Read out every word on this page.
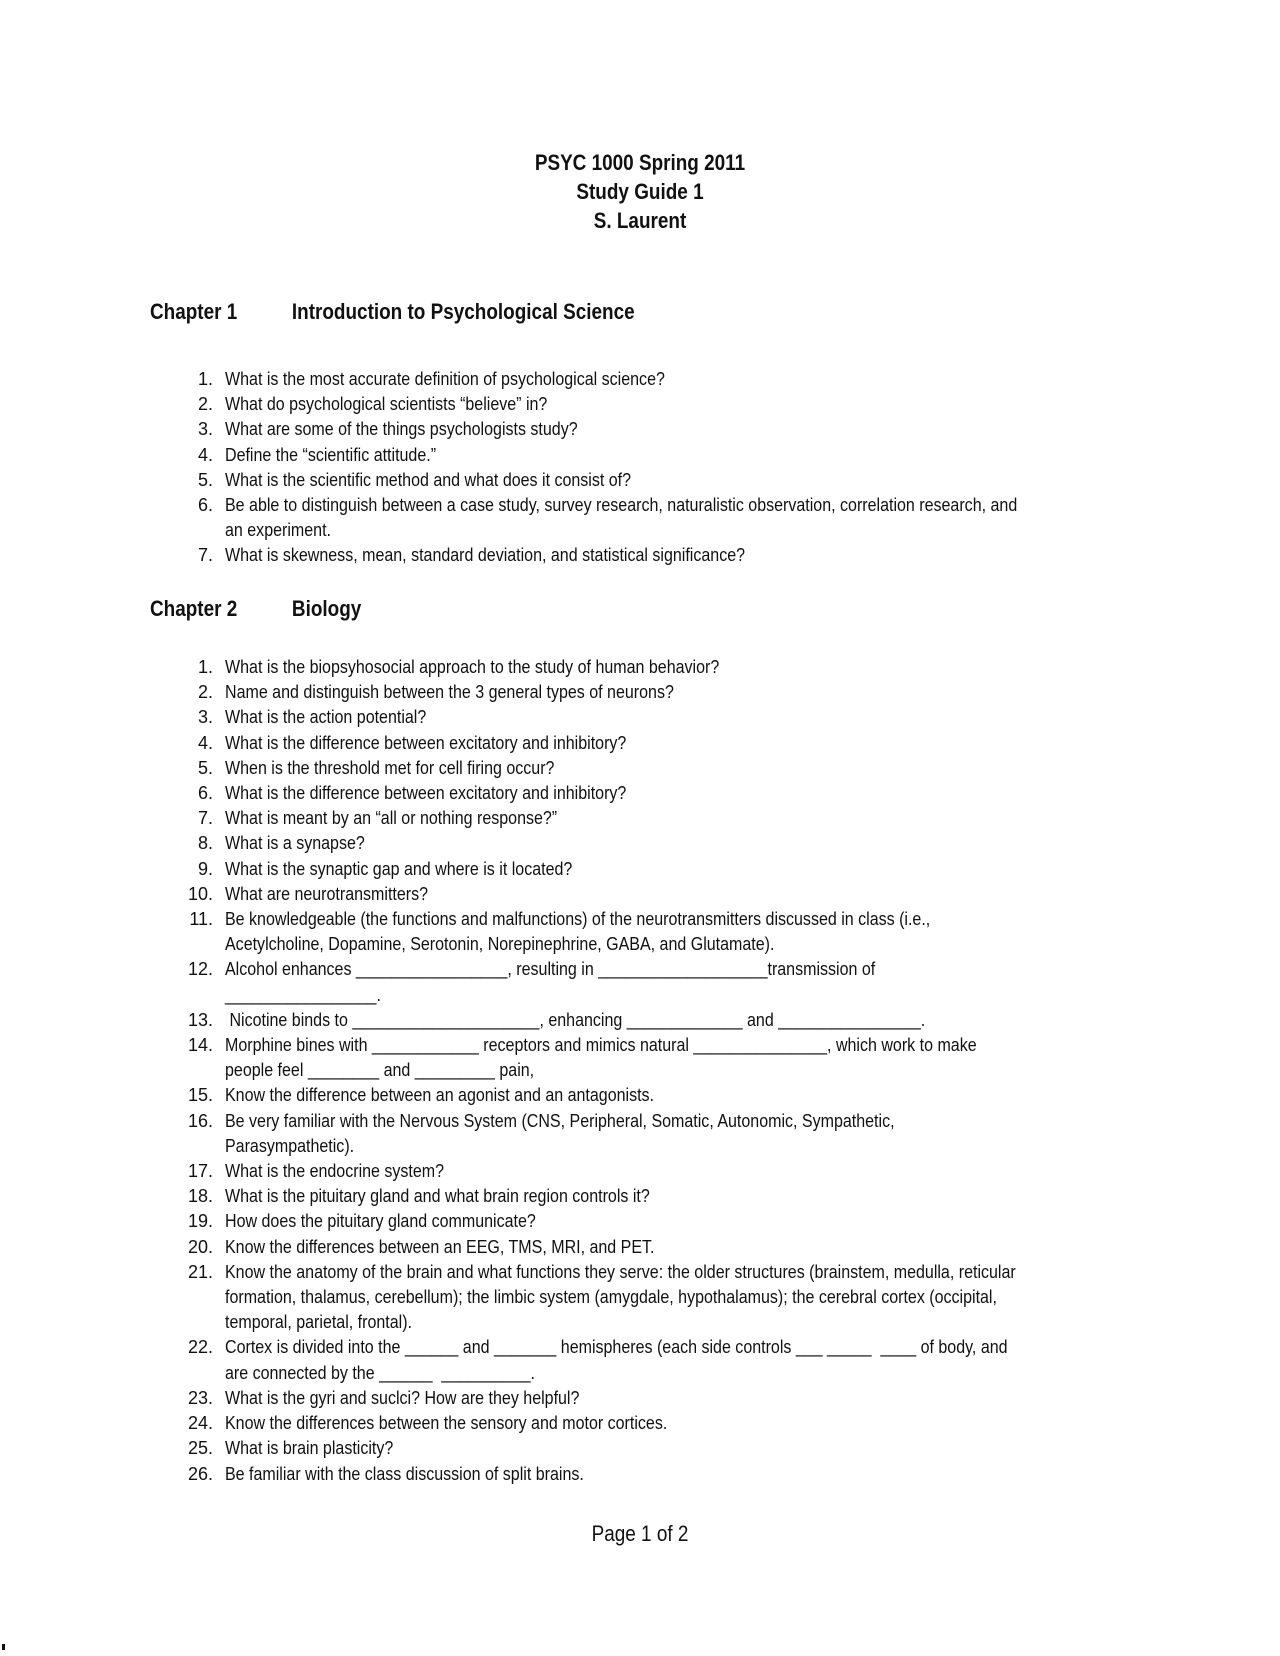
PSYC 1000 Spring 2011
Study Guide 1
S. Laurent
Chapter 1 Introduction to Psychological Science
1. What is the most accurate definition of psychological science?
2. What do psychological scientists “believe” in?
3. What are some of the things psychologists study?
4. Define the “scientific attitude.”
5. What is the scientific method and what does it consist of?
6. Be able to distinguish between a case study, survey research, naturalistic observation, correlation research, and
an experiment.
7. What is skewness, mean, standard deviation, and statistical significance?
Chapter 2 Biology
1. What is the biopsyhosocial approach to the study of human behavior?
2. Name and distinguish between the 3 general types of neurons?
3. What is the action potential?
4. What is the difference between excitatory and inhibitory?
5. When is the threshold met for cell firing occur?
6. What is the difference between excitatory and inhibitory?
7. What is meant by an “all or nothing response?”
8. What is a synapse?
9. What is the synaptic gap and where is it located?
10. What are neurotransmitters?
11. Be knowledgeable (the functions and malfunctions) of the neurotransmitters discussed in class (i.e.,
Acetylcholine, Dopamine, Serotonin, Norepinephrine, GABA, and Glutamate).
12. Alcohol enhances _________________, resulting in ___________________transmission of
_________________.
13. Nicotine binds to _____________________, enhancing _____________ and ________________.
14. Morphine bines with ____________ receptors and mimics natural _______________, which work to make
people feel ________ and _________ pain,
15. Know the difference between an agonist and an antagonists.
16. Be very familiar with the Nervous System (CNS, Peripheral, Somatic, Autonomic, Sympathetic,
Parasympathetic).
17. What is the endocrine system?
18. What is the pituitary gland and what brain region controls it?
19. How does the pituitary gland communicate?
20. Know the differences between an EEG, TMS, MRI, and PET.
21. Know the anatomy of the brain and what functions they serve: the older structures (brainstem, medulla, reticular
formation, thalamus, cerebellum); the limbic system (amygdale, hypothalamus); the cerebral cortex (occipital,
temporal, parietal, frontal).
22. Cortex is divided into the ______ and _______ hemispheres (each side controls ___ _____  ____ of body, and
are connected by the ______  __________.
23. What is the gyri and suclci? How are they helpful?
24. Know the differences between the sensory and motor cortices.
25. What is brain plasticity?
26. Be familiar with the class discussion of split brains.
Page 1 of 2
